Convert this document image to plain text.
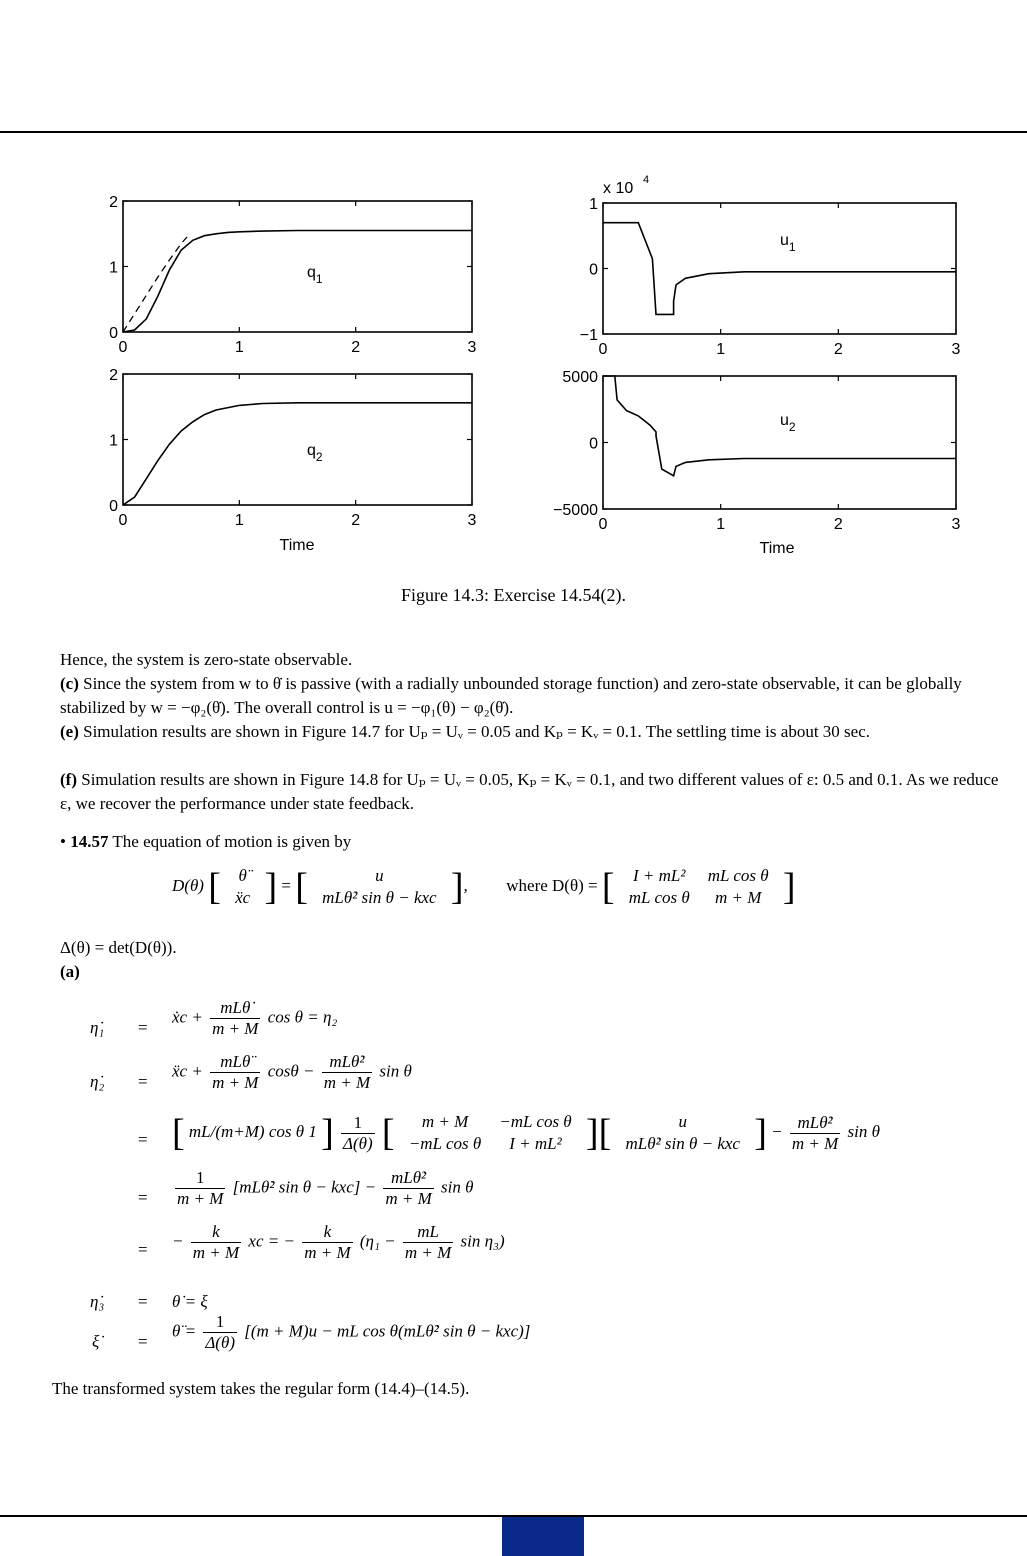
0	1	2	3
0
1
2
$q_1$
0	1	2	3
0
1
2
$q_2$
0	1	2	3
−1
0
1
$u_1$
0	1	2	3
−5000
0
5000
$u_2$
x 10 4
Time	Time
Figure 14.3: Exercise 14.54(2).
Hence, the system is zero-state observable.
(c) Since the system from w to θ̇ is passive (with a radially unbounded storage function) and zero-state observable, it can be globally stabilized by w = −φ₂(θ̇). The overall control is u = −φ₁(θ) − φ₂(θ̇).
(e) Simulation results are shown in Figure 14.7 for Uₚ = Uᵥ = 0.05 and Kₚ = Kᵥ = 0.1. The settling time is about 30 sec.
(f) Simulation results are shown in Figure 14.8 for Uₚ = Uᵥ = 0.05, Kₚ = Kᵥ = 0.1, and two different values of ε: 0.5 and 0.1. As we reduce ε, we recover the performance under state feedback.
• 14.57 The equation of motion is given by
D(θ) [ θ̈
ẍc ] = [	u
mLθ̇² sin θ − kxc ],  where D(θ) = [ I + mL²	mL cos θ
mL cos θ	m + M ]
Δ(θ) = det(D(θ)).
(a)
η̇₁ =
ẋc + $\frac{\text{mLθ̇}}{m + M}$ cos θ = η₂
η̇₂ =
ẍc + $\frac{\text{mLθ̈}}{m + M}$ $\cos\theta - \frac{\text{mLθ̇²}}{m + M}$ sin θ
= [ mL/(m+M) cos θ 1 ] $\frac{1}{\Delta(\theta)}$ [ m + M	−mL cos θ
−mL cos θ	I + mL² ][	u
mLθ̇² sin θ − kxc ] − $\frac{\text{mLθ̇²}}{m + M}$ sin θ
= $\frac{1}{m + M}$ [mLθ̇² $\sin \theta - kxc] - \frac{\text{mLθ̇²}}{m + M}$ sin θ
= − $\frac{k}{m + M}$ xc = − $\frac{k}{m + M} (\eta_1 - \frac{mL}{m + M}$ sin η₃)
η̇₃ = θ̇ = ξ
ξ̇ =
θ̈ = $\frac{1}{\Delta(\theta)} [(m + M)u$ − mL cos θ(mLθ̇² sin θ − kxc)]
The transformed system takes the regular form (14.4)–(14.5).
